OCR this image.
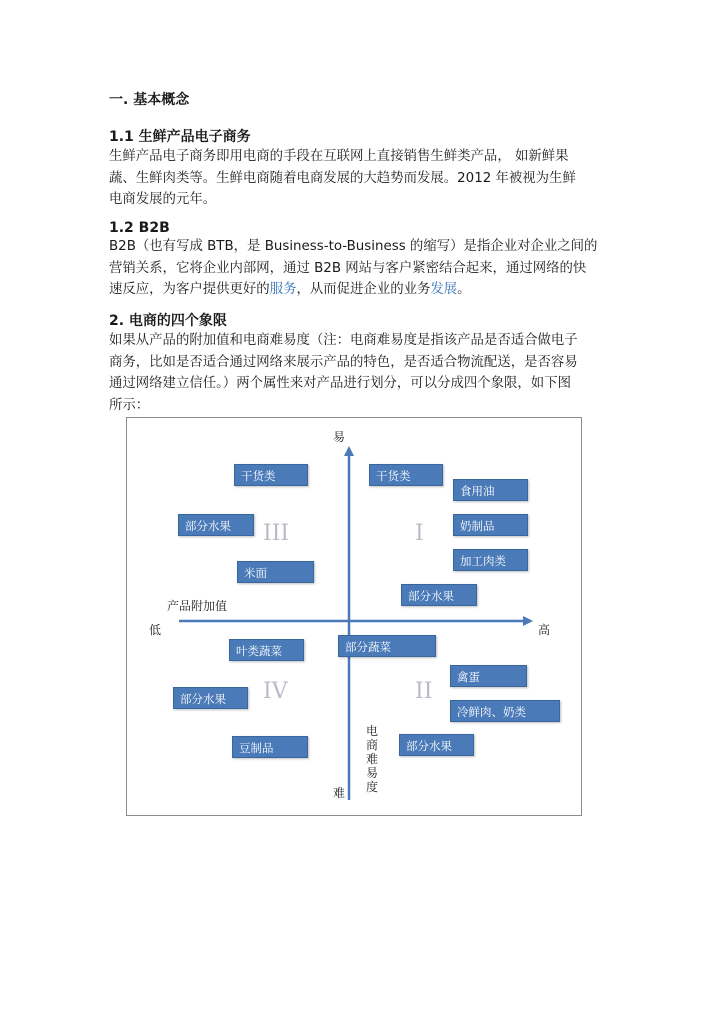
一. 基本概念
1.1 生鲜产品电子商务
生鲜产品电子商务即用电商的手段在互联网上直接销售生鲜类产品， 如新鲜果
蔬、生鲜肉类等。生鲜电商随着电商发展的大趋势而发展。2012 年被视为生鲜
电商发展的元年。
1.2 B2B
B2B（也有写成 BTB，是 Business-to-Business 的缩写）是指企业对企业之间的
营销关系，它将企业内部网，通过 B2B 网站与客户紧密结合起来，通过网络的快
速反应，为客户提供更好的服务，从而促进企业的业务发展。
2. 电商的四个象限
如果从产品的附加值和电商难易度（注：电商难易度是指该产品是否适合做电子
商务，比如是否适合通过网络来展示产品的特色，是否适合物流配送，是否容易
通过网络建立信任。）两个属性来对产品进行划分，可以分成四个象限，如下图
所示：
易
难
低	高
产品附加值
电商难易度
III	I
IV	II
干货类
食用油
奶制品
加工肉类
部分水果
干货类
部分水果
米面
部分蔬菜
禽蛋
冷鲜肉、奶类
部分水果
叶类蔬菜
部分水果
豆制品
